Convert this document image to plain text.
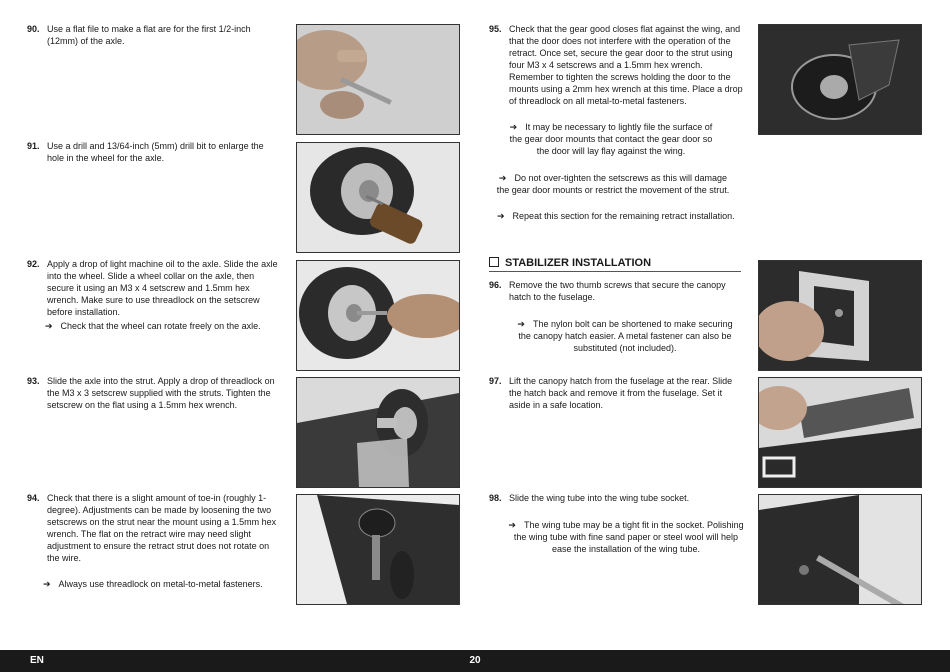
90. Use a flat file to make a flat are for the first 1/2-inch (12mm) of the axle.
91. Use a drill and 13/64-inch (5mm) drill bit to enlarge the hole in the wheel for the axle.
92. Apply a drop of light machine oil to the axle. Slide the axle into the wheel. Slide a wheel collar on the axle, then secure it using an M3 x 4 setscrew and 1.5mm hex wrench. Make sure to use threadlock on the setscrew before installation.
➔ Check that the wheel can rotate freely on the axle.
93. Slide the axle into the strut. Apply a drop of threadlock on the M3 x 3 setscrew supplied with the struts. Tighten the setscrew on the flat using a 1.5mm hex wrench.
94. Check that there is a slight amount of toe-in (roughly 1-degree). Adjustments can be made by loosening the two setscrews on the strut near the mount using a 1.5mm hex wrench. The flat on the retract wire may need slight adjustment to ensure the retract strut does not rotate on the wire.
➔ Always use threadlock on metal-to-metal fasteners.
95. Check that the gear good closes flat against the wing, and that the door does not interfere with the operation of the retract. Once set, secure the gear door to the strut using four M3 x 4 setscrews and a 1.5mm hex wrench. Remember to tighten the screws holding the door to the mounts using a 2mm hex wrench at this time. Place a drop of threadlock on all metal-to-metal fasteners.
➔ It may be necessary to lightly file the surface of the gear door mounts that contact the gear door so the door will lay flay against the wing.
➔ Do not over-tighten the setscrews as this will damage the gear door mounts or restrict the movement of the strut.
➔ Repeat this section for the remaining retract installation.
STABILIZER INSTALLATION
96. Remove the two thumb screws that secure the canopy hatch to the fuselage.
➔ The nylon bolt can be shortened to make securing the canopy hatch easier. A metal fastener can also be substituted (not included).
97. Lift the canopy hatch from the fuselage at the rear. Slide the hatch back and remove it from the fuselage. Set it aside in a safe location.
98. Slide the wing tube into the wing tube socket.
➔ The wing tube may be a tight fit in the socket. Polishing the wing tube with fine sand paper or steel wool will help ease the installation of the wing tube.
EN	20
